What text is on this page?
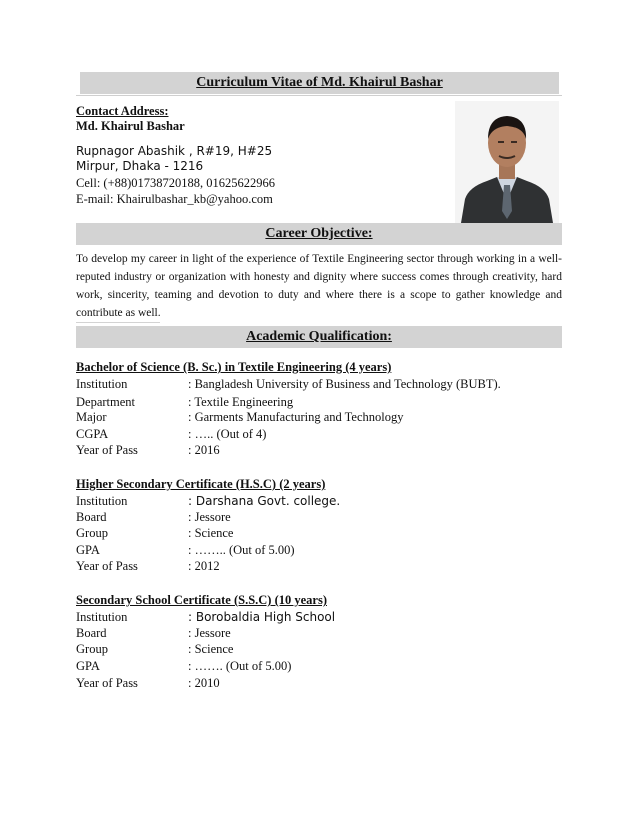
Curriculum Vitae of Md. Khairul Bashar
Contact Address:
Md. Khairul Bashar
Rupnagor Abashik , R#19, H#25
Mirpur, Dhaka - 1216
Cell: (+88)01738720188, 01625622966
E-mail: Khairulbashar_kb@yahoo.com
Career Objective:
To develop my career in light of the experience of Textile Engineering sector through working in a well-reputed industry or organization with honesty and dignity where success comes through creativity, hard work, sincerity, teaming and devotion to duty and where there is a scope to gather knowledge and contribute as well.
Academic Qualification:
Bachelor of Science (B. Sc.) in Textile Engineering (4 years)
Institution	: Bangladesh University of Business and Technology (BUBT).
Department	: Textile Engineering
Major	: Garments Manufacturing and Technology
CGPA	: ….. (Out of 4)
Year of Pass	: 2016
Higher Secondary Certificate (H.S.C) (2 years)
Institution	: Darshana Govt. college.
Board	: Jessore
Group	: Science
GPA	: …….. (Out of 5.00)
Year of Pass	: 2012
Secondary School Certificate (S.S.C) (10 years)
Institution	: Borobaldia High School
Board	: Jessore
Group	: Science
GPA	: ……. (Out of 5.00)
Year of Pass	: 2010
